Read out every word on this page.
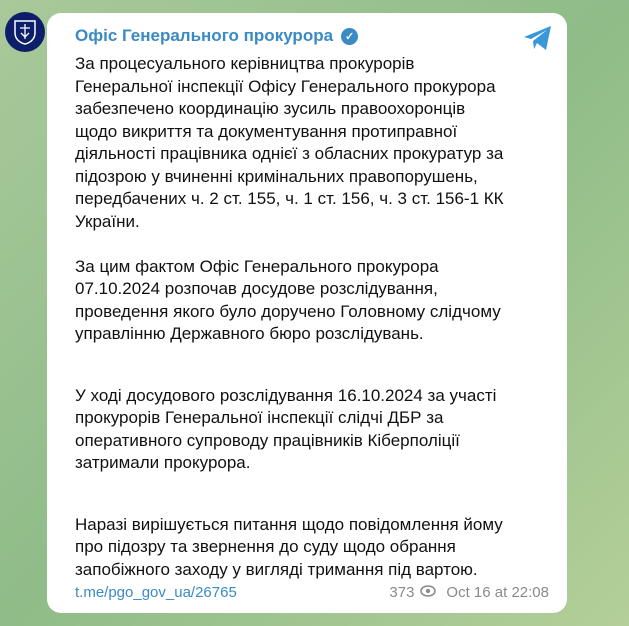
Офіс Генерального прокурора	✓
За процесуального керівництва прокурорів
Генеральної інспекції Офісу Генерального прокурора
забезпечено координацію зусиль правоохоронців
щодо викриття та документування протиправної
діяльності працівника однієї з обласних прокуратур за
підозрою у вчиненні кримінальних правопорушень,
передбачених ч. 2 ст. 155, ч. 1 ст. 156, ч. 3 ст. 156-1 КК
України.
За цим фактом Офіс Генерального прокурора
07.10.2024 розпочав досудове розслідування,
проведення якого було доручено Головному слідчому
управлінню Державного бюро розслідувань.
У ході досудового розслідування 16.10.2024 за участі
прокурорів Генеральної інспекції слідчі ДБР за
оперативного супроводу працівників Кіберполіції
затримали прокурора.
Наразі вирішується питання щодо повідомлення йому
про підозру та звернення до суду щодо обрання
запобіжного заходу у вигляді тримання під вартою.
t.me/pgo_gov_ua/26765	373 Oct 16 at 22:08
